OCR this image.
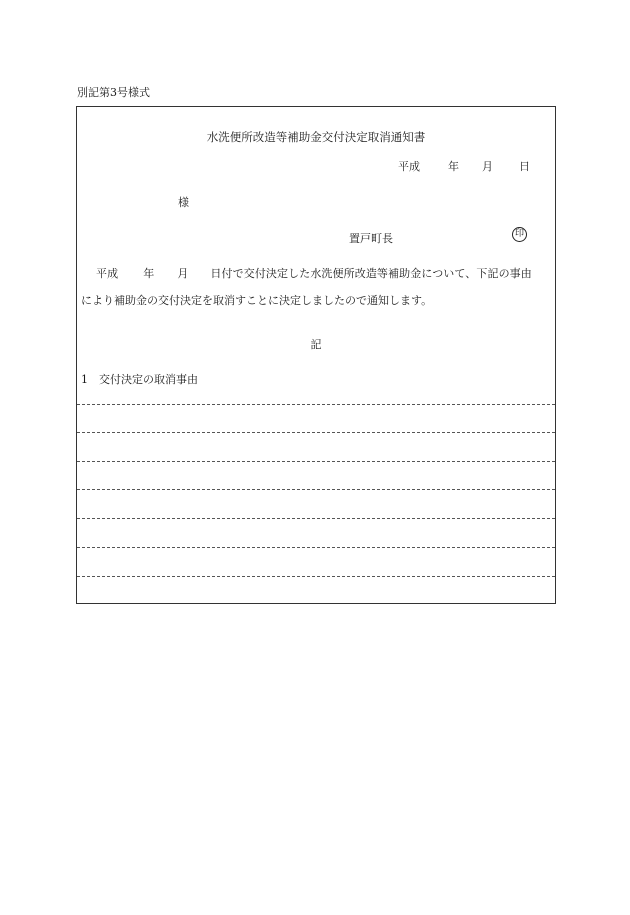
別記第3号様式
水洗便所改造等補助金交付決定取消通知書
平成	年 月 日
様
置戸町長	印
平成 年 月 日付で交付決定した水洗便所改造等補助金について、下記の事由
により補助金の交付決定を取消すことに決定しましたので通知します。
記
1　交付決定の取消事由
